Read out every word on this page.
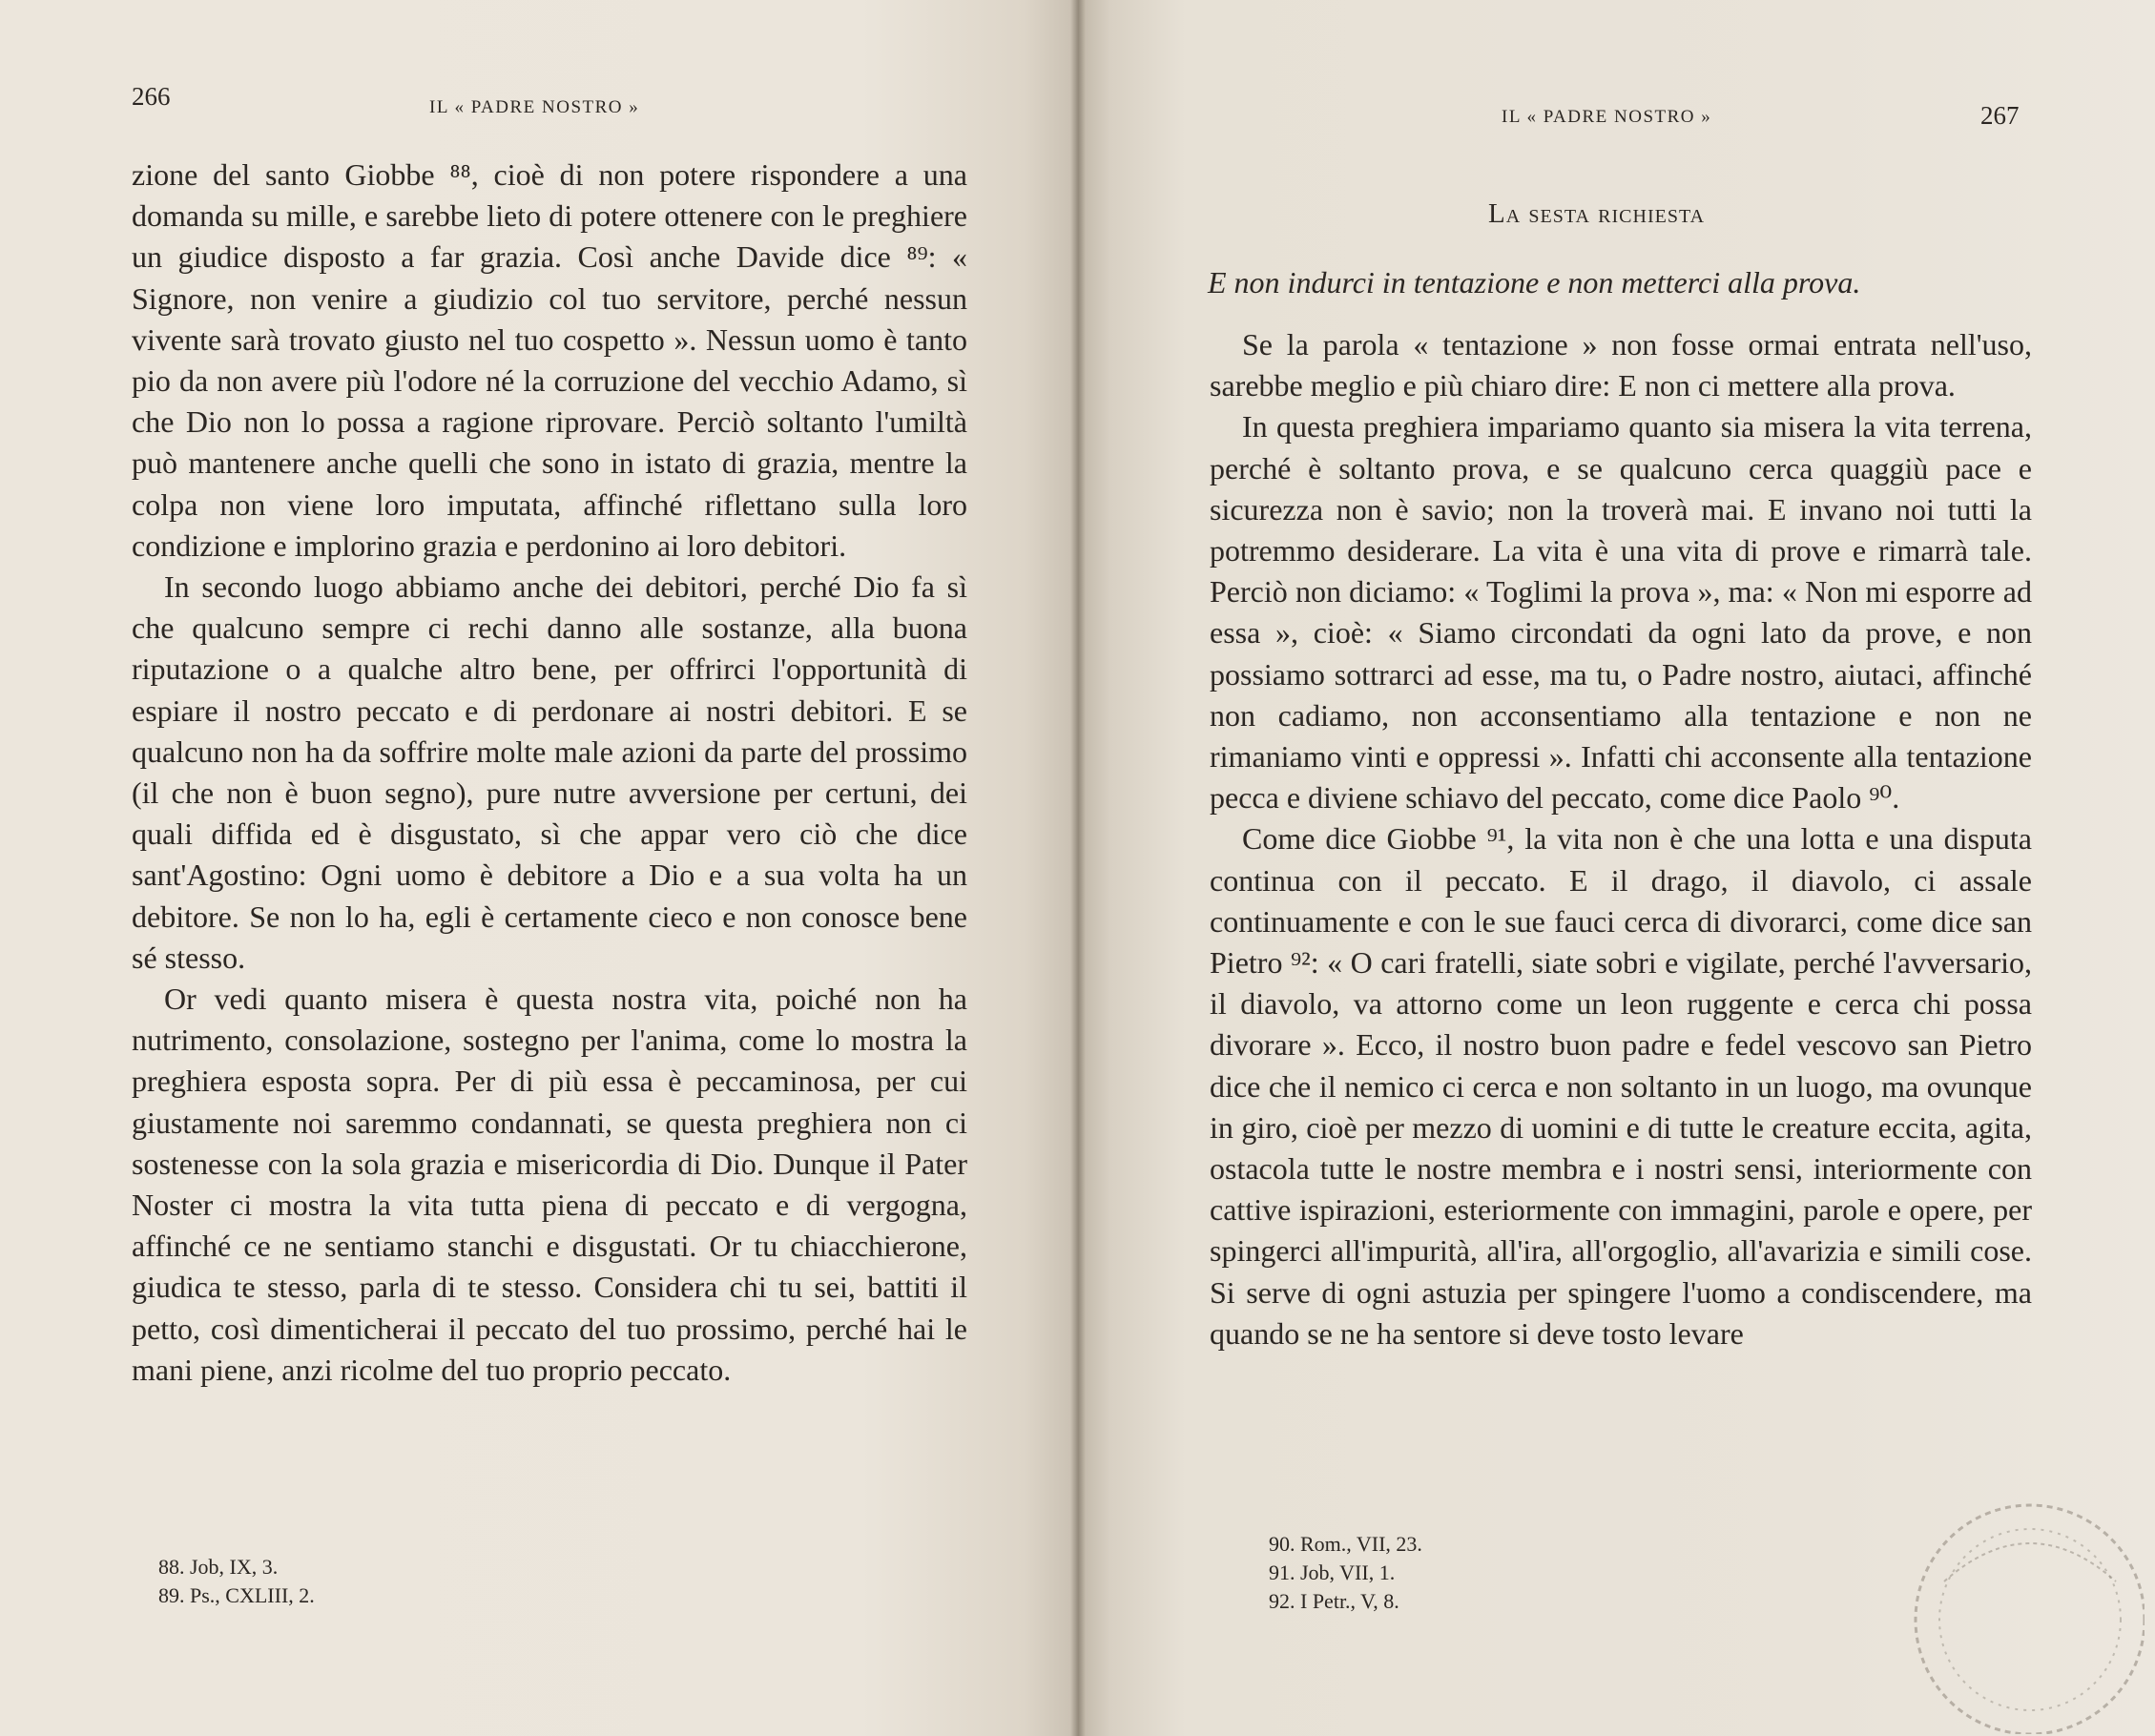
266	IL « PADRE NOSTRO »

zione del santo Giobbe ⁸⁸, cioè di non potere rispondere a una domanda su mille, e sarebbe lieto di potere ottenere con le preghiere un giudice disposto a far grazia. Così anche Davide dice ⁸⁹: « Signore, non venire a giudizio col tuo servitore, perché nessun vivente sarà trovato giusto nel tuo cospetto ». Nessun uomo è tanto pio da non avere più l'odore né la corruzione del vecchio Adamo, sì che Dio non lo possa a ragione riprovare. Perciò soltanto l'umiltà può mantenere anche quelli che sono in istato di grazia, mentre la colpa non viene loro imputata, affinché riflettano sulla loro condizione e implorino grazia e perdonino ai loro debitori.

In secondo luogo abbiamo anche dei debitori, perché Dio fa sì che qualcuno sempre ci rechi danno alle sostanze, alla buona riputazione o a qualche altro bene, per offrirci l'opportunità di espiare il nostro peccato e di perdonare ai nostri debitori. E se qualcuno non ha da soffrire molte male azioni da parte del prossimo (il che non è buon segno), pure nutre avversione per certuni, dei quali diffida ed è disgustato, sì che appar vero ciò che dice sant'Agostino: Ogni uomo è debitore a Dio e a sua volta ha un debitore. Se non lo ha, egli è certamente cieco e non conosce bene sé stesso.

Or vedi quanto misera è questa nostra vita, poiché non ha nutrimento, consolazione, sostegno per l'anima, come lo mostra la preghiera esposta sopra. Per di più essa è peccaminosa, per cui giustamente noi saremmo condannati, se questa preghiera non ci sostenesse con la sola grazia e misericordia di Dio. Dunque il Pater Noster ci mostra la vita tutta piena di peccato e di vergogna, affinché ce ne sentiamo stanchi e disgustati. Or tu chiacchierone, giudica te stesso, parla di te stesso. Considera chi tu sei, battiti il petto, così dimenticherai il peccato del tuo prossimo, perché hai le mani piene, anzi ricolme del tuo proprio peccato.

88. Job, IX, 3.
89. Ps., CXLIII, 2.
IL « PADRE NOSTRO »	267
La sesta richiesta
E non indurci in tentazione e non metterci alla prova.

Se la parola « tentazione » non fosse ormai entrata nell'uso, sarebbe meglio e più chiaro dire: E non ci mettere alla prova.

In questa preghiera impariamo quanto sia misera la vita terrena, perché è soltanto prova, e se qualcuno cerca quaggiù pace e sicurezza non è savio; non la troverà mai. E invano noi tutti la potremmo desiderare. La vita è una vita di prove e rimarrà tale. Perciò non diciamo: « Toglimi la prova », ma: « Non mi esporre ad essa », cioè: « Siamo circondati da ogni lato da prove, e non possiamo sottrarci ad esse, ma tu, o Padre nostro, aiutaci, affinché non cadiamo, non acconsentiamo alla tentazione e non ne rimaniamo vinti e oppressi ». Infatti chi acconsente alla tentazione pecca e diviene schiavo del peccato, come dice Paolo ⁹⁰.

Come dice Giobbe ⁹¹, la vita non è che una lotta e una disputa continua con il peccato. E il drago, il diavolo, ci assale continuamente e con le sue fauci cerca di divorarci, come dice san Pietro ⁹²: « O cari fratelli, siate sobri e vigilate, perché l'avversario, il diavolo, va attorno come un leon ruggente e cerca chi possa divorare ». Ecco, il nostro buon padre e fedel vescovo san Pietro dice che il nemico ci cerca e non soltanto in un luogo, ma ovunque in giro, cioè per mezzo di uomini e di tutte le creature eccita, agita, ostacola tutte le nostre membra e i nostri sensi, interiormente con cattive ispirazioni, esteriormente con immagini, parole e opere, per spingerci all'impurità, all'ira, all'orgoglio, all'avarizia e simili cose. Si serve di ogni astuzia per spingere l'uomo a condiscendere, ma quando se ne ha sentore si deve tosto levare

90. Rom., VII, 23.
91. Job, VII, 1.
92. I Petr., V, 8.
